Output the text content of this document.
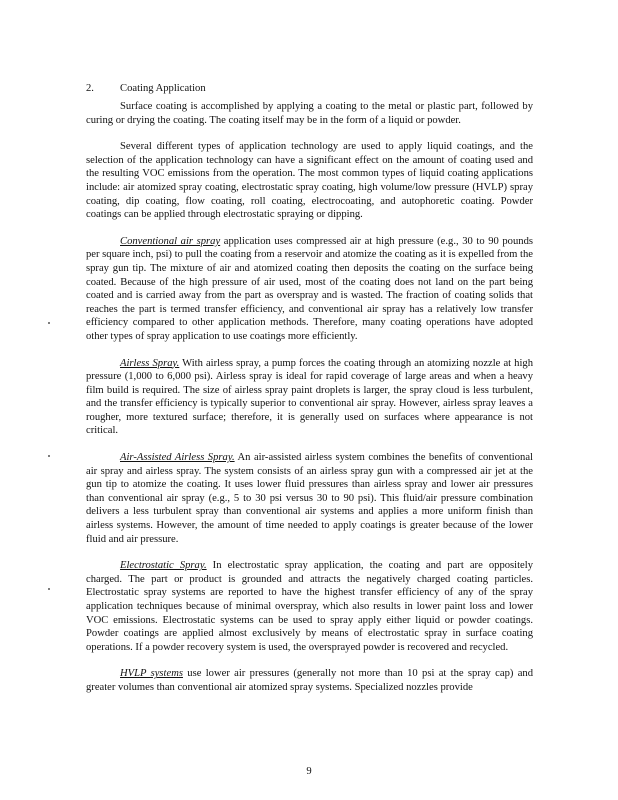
2. Coating Application

Surface coating is accomplished by applying a coating to the metal or plastic part, followed by curing or drying the coating. The coating itself may be in the form of a liquid or powder.

Several different types of application technology are used to apply liquid coatings, and the selection of the application technology can have a significant effect on the amount of coating used and the resulting VOC emissions from the operation. The most common types of liquid coating applications include: air atomized spray coating, electrostatic spray coating, high volume/low pressure (HVLP) spray coating, dip coating, flow coating, roll coating, electrocoating, and autophoretic coating. Powder coatings can be applied through electrostatic spraying or dipping.

Conventional air spray application uses compressed air at high pressure (e.g., 30 to 90 pounds per square inch, psi) to pull the coating from a reservoir and atomize the coating as it is expelled from the spray gun tip. The mixture of air and atomized coating then deposits the coating on the surface being coated. Because of the high pressure of air used, most of the coating does not land on the part being coated and is carried away from the part as overspray and is wasted. The fraction of coating solids that reaches the part is termed transfer efficiency, and conventional air spray has a relatively low transfer efficiency compared to other application methods. Therefore, many coating operations have adopted other types of spray application to use coatings more efficiently.

Airless Spray. With airless spray, a pump forces the coating through an atomizing nozzle at high pressure (1,000 to 6,000 psi). Airless spray is ideal for rapid coverage of large areas and when a heavy film build is required. The size of airless spray paint droplets is larger, the spray cloud is less turbulent, and the transfer efficiency is typically superior to conventional air spray. However, airless spray leaves a rougher, more textured surface; therefore, it is generally used on surfaces where appearance is not critical.

Air-Assisted Airless Spray. An air-assisted airless system combines the benefits of conventional air spray and airless spray. The system consists of an airless spray gun with a compressed air jet at the gun tip to atomize the coating. It uses lower fluid pressures than airless spray and lower air pressures than conventional air spray (e.g., 5 to 30 psi versus 30 to 90 psi). This fluid/air pressure combination delivers a less turbulent spray than conventional air systems and applies a more uniform finish than airless systems. However, the amount of time needed to apply coatings is greater because of the lower fluid and air pressure.

Electrostatic Spray. In electrostatic spray application, the coating and part are oppositely charged. The part or product is grounded and attracts the negatively charged coating particles. Electrostatic spray systems are reported to have the highest transfer efficiency of any of the spray application techniques because of minimal overspray, which also results in lower paint loss and lower VOC emissions. Electrostatic systems can be used to spray apply either liquid or powder coatings. Powder coatings are applied almost exclusively by means of electrostatic spray in surface coating operations. If a powder recovery system is used, the oversprayed powder is recovered and recycled.

HVLP systems use lower air pressures (generally not more than 10 psi at the spray cap) and greater volumes than conventional air atomized spray systems. Specialized nozzles provide

9
